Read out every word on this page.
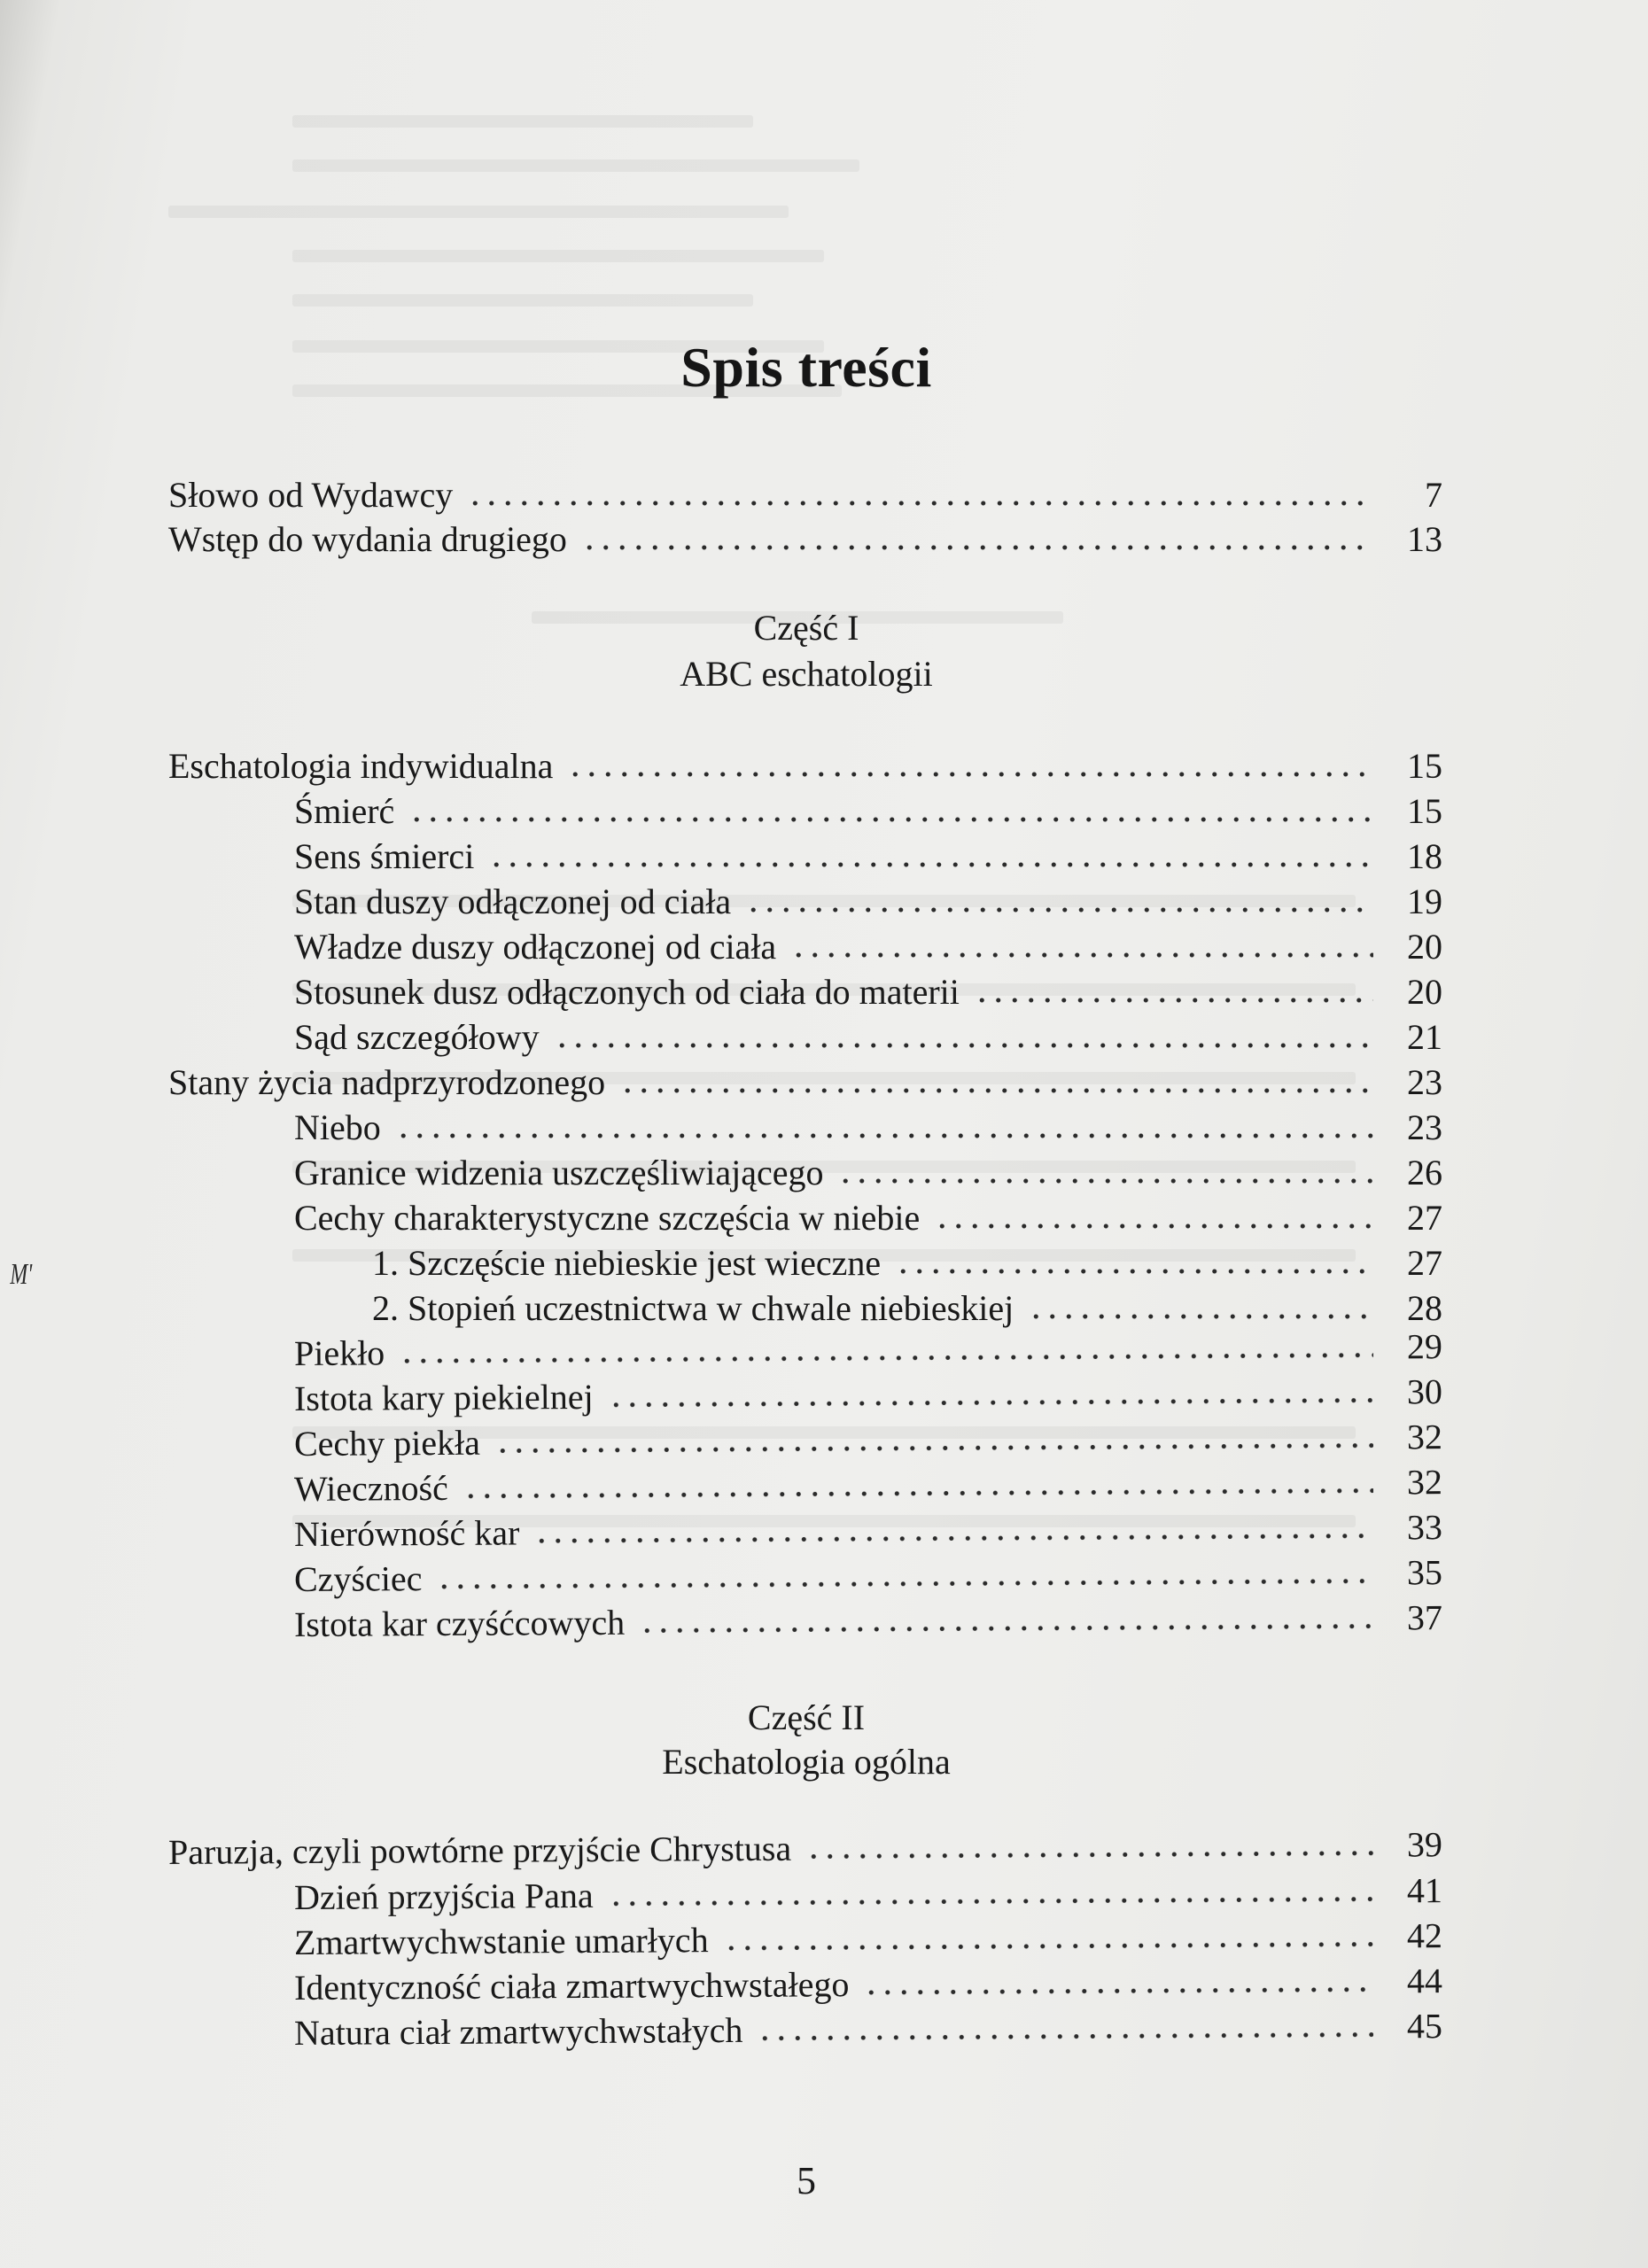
M'
Spis treści
Słowo od Wydawcy	7
Wstęp do wydania drugiego	13
Część I
ABC eschatologii
Eschatologia indywidualna	15
Śmierć	15
Sens śmierci	18
Stan duszy odłączonej od ciała	19
Władze duszy odłączonej od ciała	20
Stosunek dusz odłączonych od ciała do materii	20
Sąd szczegółowy	21
Stany życia nadprzyrodzonego	23
Niebo	23
Granice widzenia uszczęśliwiającego	26
Cechy charakterystyczne szczęścia w niebie	27
1. Szczęście niebieskie jest wieczne	27
2. Stopień uczestnictwa w chwale niebieskiej	28
Piekło	29
Istota kary piekielnej	30
Cechy piekła	32
Wieczność	32
Nierówność kar	33
Czyściec	35
Istota kar czyśćcowych	37
Część II
Eschatologia ogólna
Paruzja, czyli powtórne przyjście Chrystusa	39
Dzień przyjścia Pana	41
Zmartwychwstanie umarłych	42
Identyczność ciała zmartwychwstałego	44
Natura ciał zmartwychwstałych	45
5
